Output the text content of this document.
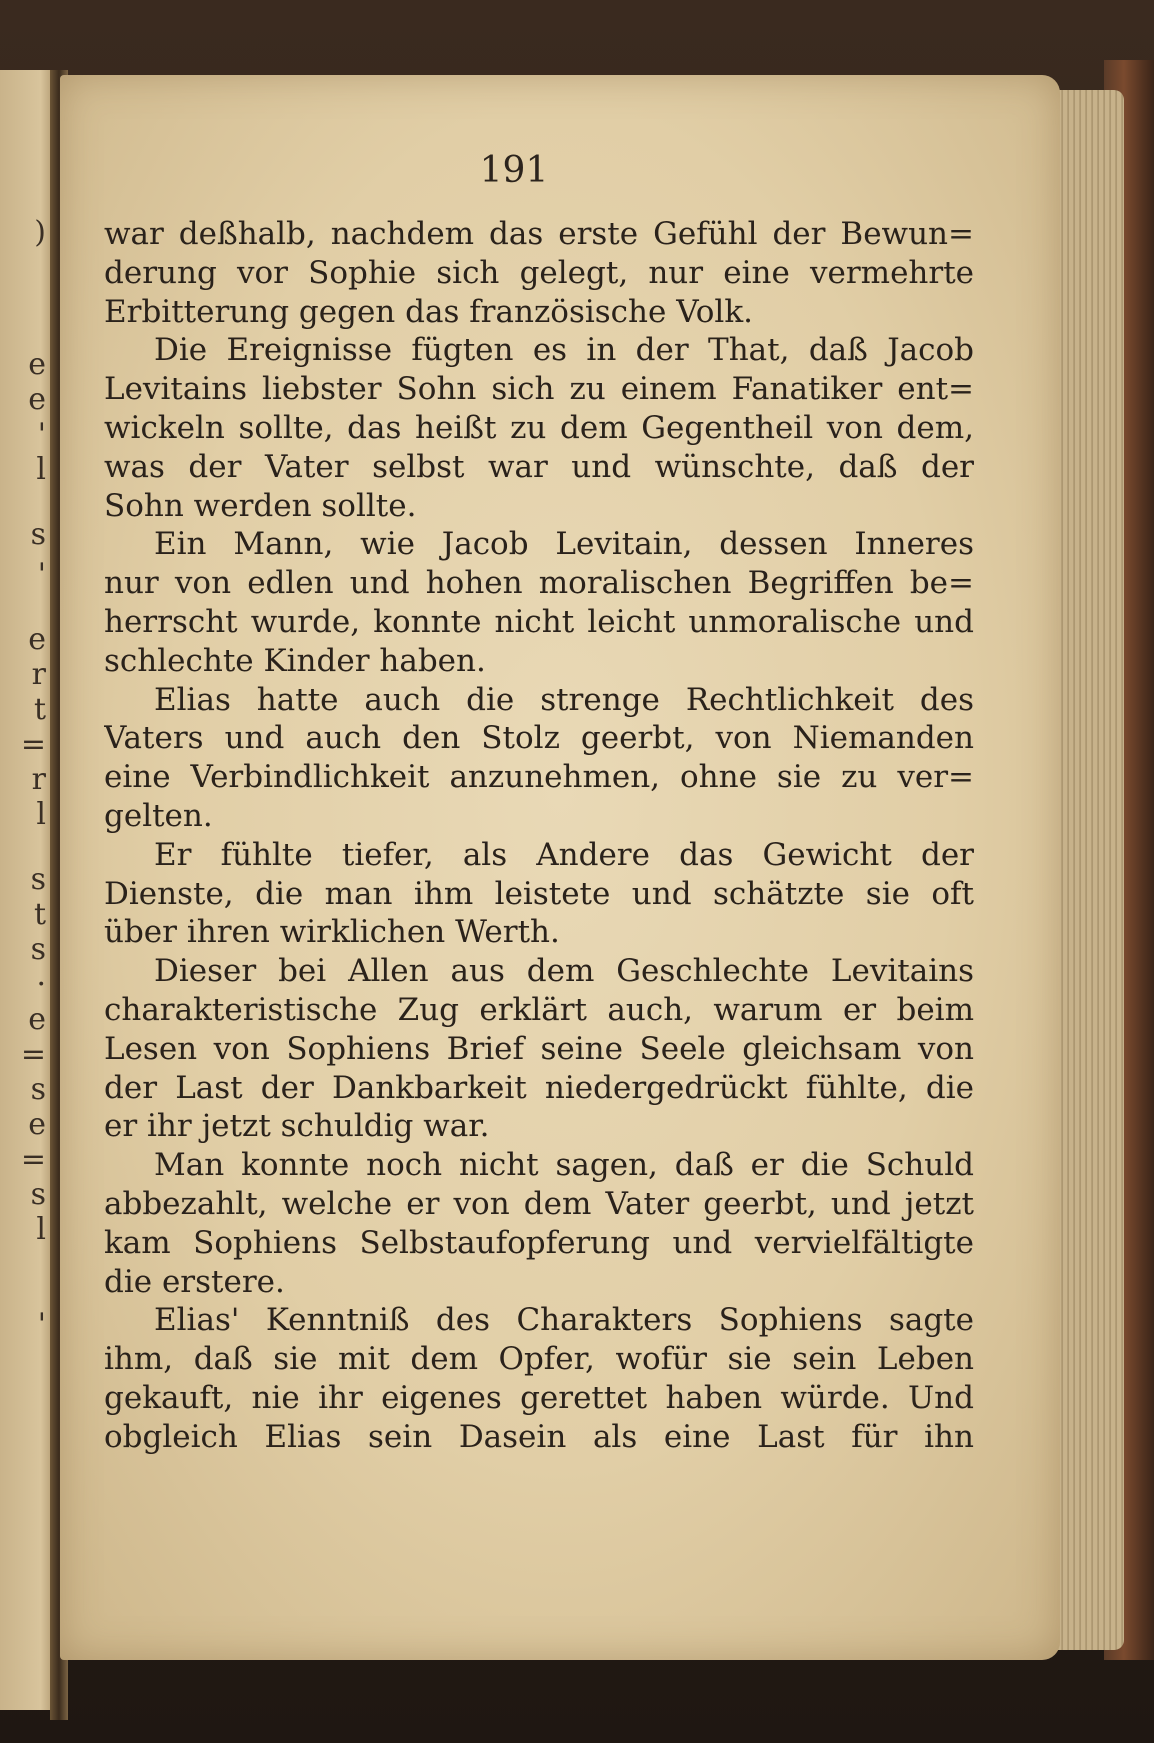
)
e
e
'
l
s
'
e
r
t
=
r
l
s
t
s
·
e
=
s
e
=
s
l
'
191
war deßhalb, nachdem das erste Gefühl der Bewun=
derung vor Sophie sich gelegt, nur eine vermehrte
Erbitterung gegen das französische Volk.
Die Ereignisse fügten es in der That, daß Jacob
Levitains liebster Sohn sich zu einem Fanatiker ent=
wickeln sollte, das heißt zu dem Gegentheil von dem,
was der Vater selbst war und wünschte, daß der
Sohn werden sollte.
Ein Mann, wie Jacob Levitain, dessen Inneres
nur von edlen und hohen moralischen Begriffen be=
herrscht wurde, konnte nicht leicht unmoralische und
schlechte Kinder haben.
Elias hatte auch die strenge Rechtlichkeit des
Vaters und auch den Stolz geerbt, von Niemanden
eine Verbindlichkeit anzunehmen, ohne sie zu ver=
gelten.
Er fühlte tiefer, als Andere das Gewicht der
Dienste, die man ihm leistete und schätzte sie oft
über ihren wirklichen Werth.
Dieser bei Allen aus dem Geschlechte Levitains
charakteristische Zug erklärt auch, warum er beim
Lesen von Sophiens Brief seine Seele gleichsam von
der Last der Dankbarkeit niedergedrückt fühlte, die
er ihr jetzt schuldig war.
Man konnte noch nicht sagen, daß er die Schuld
abbezahlt, welche er von dem Vater geerbt, und jetzt
kam Sophiens Selbstaufopferung und vervielfältigte
die erstere.
Elias' Kenntniß des Charakters Sophiens sagte
ihm, daß sie mit dem Opfer, wofür sie sein Leben
gekauft, nie ihr eigenes gerettet haben würde. Und
obgleich Elias sein Dasein als eine Last für ihn
